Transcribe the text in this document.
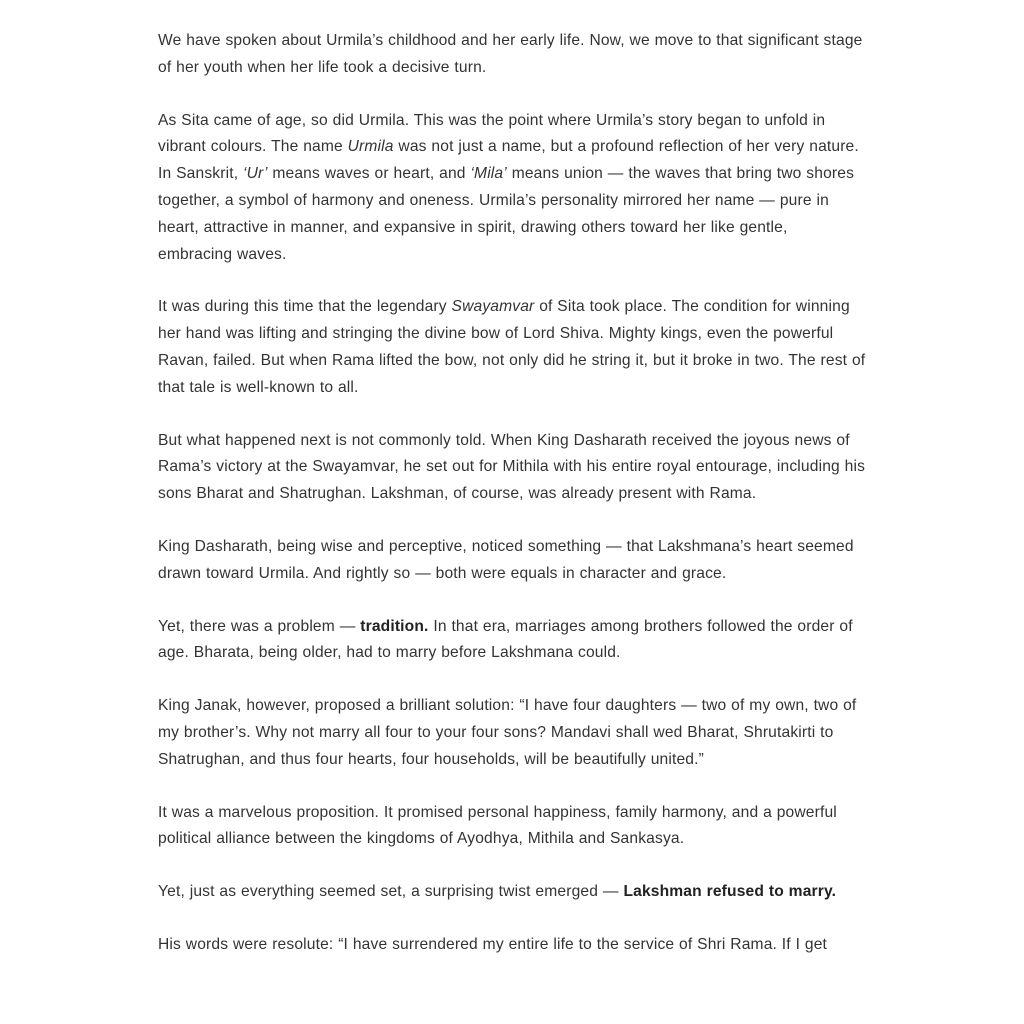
We have spoken about Urmila’s childhood and her early life. Now, we move to that significant stage of her youth when her life took a decisive turn.

As Sita came of age, so did Urmila. This was the point where Urmila’s story began to unfold in vibrant colours. The name Urmila was not just a name, but a profound reflection of her very nature. In Sanskrit, ‘Ur’ means waves or heart, and ‘Mila’ means union — the waves that bring two shores together, a symbol of harmony and oneness. Urmila’s personality mirrored her name — pure in heart, attractive in manner, and expansive in spirit, drawing others toward her like gentle, embracing waves.

It was during this time that the legendary Swayamvar of Sita took place. The condition for winning her hand was lifting and stringing the divine bow of Lord Shiva. Mighty kings, even the powerful Ravan, failed. But when Rama lifted the bow, not only did he string it, but it broke in two. The rest of that tale is well-known to all.

But what happened next is not commonly told. When King Dasharath received the joyous news of Rama’s victory at the Swayamvar, he set out for Mithila with his entire royal entourage, including his sons Bharat and Shatrughan. Lakshman, of course, was already present with Rama.

King Dasharath, being wise and perceptive, noticed something — that Lakshmana’s heart seemed drawn toward Urmila. And rightly so — both were equals in character and grace.

Yet, there was a problem — tradition. In that era, marriages among brothers followed the order of age. Bharata, being older, had to marry before Lakshmana could.

King Janak, however, proposed a brilliant solution: “I have four daughters — two of my own, two of my brother’s. Why not marry all four to your four sons? Mandavi shall wed Bharat, Shrutakirti to Shatrughan, and thus four hearts, four households, will be beautifully united.”

It was a marvelous proposition. It promised personal happiness, family harmony, and a powerful political alliance between the kingdoms of Ayodhya, Mithila and Sankasya.

Yet, just as everything seemed set, a surprising twist emerged — Lakshman refused to marry.

His words were resolute: “I have surrendered my entire life to the service of Shri Rama. If I get
